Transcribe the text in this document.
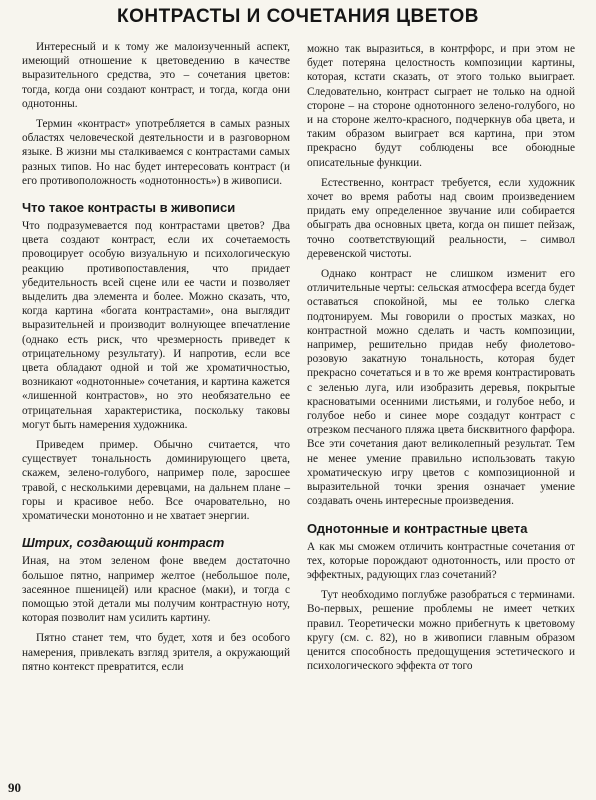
КОНТРАСТЫ И СОЧЕТАНИЯ ЦВЕТОВ

Интересный и к тому же малоизученный аспект, имеющий отношение к цветоведению в качестве выразительного средства, это – сочетания цветов: тогда, когда они создают контраст, и тогда, когда они однотонны.

Термин «контраст» употребляется в самых разных областях человеческой деятельности и в разговорном языке. В жизни мы сталкиваемся с контрастами самых разных типов. Но нас будет интересовать контраст (и его противоположность «однотонность») в живописи.

Что такое контрасты в живописи

Что подразумевается под контрастами цветов? Два цвета создают контраст, если их сочетаемость провоцирует особую визуальную и психологическую реакцию противопоставления, что придает убедительность всей сцене или ее части и позволяет выделить два элемента и более. Можно сказать, что, когда картина «богата контрастами», она выглядит выразительней и производит волнующее впечатление (однако есть риск, что чрезмерность приведет к отрицательному результату). И напротив, если все цвета обладают одной и той же хроматичностью, возникают «однотонные» сочетания, и картина кажется «лишенной контрастов», но это необязательно ее отрицательная характеристика, поскольку таковы могут быть намерения художника.

Приведем пример. Обычно считается, что существует тональность доминирующего цвета, скажем, зелено-голубого, например поле, заросшее травой, с несколькими деревцами, на дальнем плане – горы и красивое небо. Все очаровательно, но хроматически монотонно и не хватает энергии.

Штрих, создающий контраст

Иная, на этом зеленом фоне введем достаточно большое пятно, например желтое (небольшое поле, засеянное пшеницей) или красное (маки), и тогда с помощью этой детали мы получим контрастную ноту, которая позволит нам усилить картину.

Пятно станет тем, что будет, хотя и без особого намерения, привлекать взгляд зрителя, а окружающий пятно контекст превратится, если

можно так выразиться, в контрфорс, и при этом не будет потеряна целостность композиции картины, которая, кстати сказать, от этого только выиграет. Следовательно, контраст сыграет не только на одной стороне – на стороне однотонного зелено-голубого, но и на стороне желто-красного, подчеркнув оба цвета, и таким образом выиграет вся картина, при этом прекрасно будут соблюдены все обоюдные описательные функции.

Естественно, контраст требуется, если художник хочет во время работы над своим произведением придать ему определенное звучание или собирается обыграть два основных цвета, когда он пишет пейзаж, точно соответствующий реальности, – символ деревенской чистоты.

Однако контраст не слишком изменит его отличительные черты: сельская атмосфера всегда будет оставаться спокойной, мы ее только слегка подтонируем. Мы говорили о простых мазках, но контрастной можно сделать и часть композиции, например, решительно придав небу фиолетово-розовую закатную тональность, которая будет прекрасно сочетаться и в то же время контрастировать с зеленью луга, или изобразить деревья, покрытые красноватыми осенними листьями, и голубое небо, и голубое небо и синее море создадут контраст с отрезком песчаного пляжа цвета бисквитного фарфора. Все эти сочетания дают великолепный результат. Тем не менее умение правильно использовать такую хроматическую игру цветов с композиционной и выразительной точки зрения означает умение создавать очень интересные произведения.

Однотонные и контрастные цвета

А как мы сможем отличить контрастные сочетания от тех, которые порождают однотонность, или просто от эффектных, радующих глаз сочетаний?

Тут необходимо поглубже разобраться с терминами. Во-первых, решение проблемы не имеет четких правил. Теоретически можно прибегнуть к цветовому кругу (см. с. 82), но в живописи главным образом ценится способность предощущения эстетического и психологического эффекта от того

90
